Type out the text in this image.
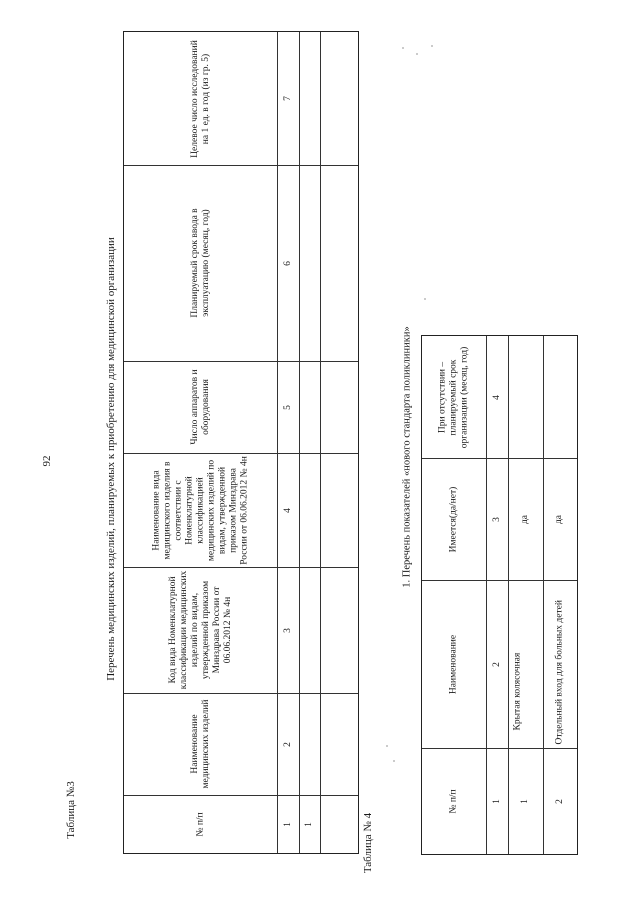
92
Таблица №3
Перечень медицинских изделий, планируемых к приобретению для медицинской организации
Таблица № 4
1. Перечень показателей «нового стандарта поликлиники»
№ п/п
Наименование медицинских изделий
Код вида Номенклатурной классификации медицинских изделий по видам, утвержденной приказом Минздрава России от 06.06.2012 № 4н
Наименование вида медицинского изделия в соответствии с Номенклатурной классификацией медицинских изделий по видам, утвержденной приказом Минздрава России от 06.06.2012 № 4н
Число аппаратов и оборудования
Планируемый срок ввода в эксплуатацию (месяц, год)
Целевое число исследований на 1 ед. в год (из гр. 5)
1
2
3
4
5
6
7
1
№ п/п
Наименование
Имеется(да/нет)
При отсутствии – планируемый срок организации (месяц, год)
1
2
3
4
1
Крытая колясочная
да
2
Отдельный вход для больных детей
да
